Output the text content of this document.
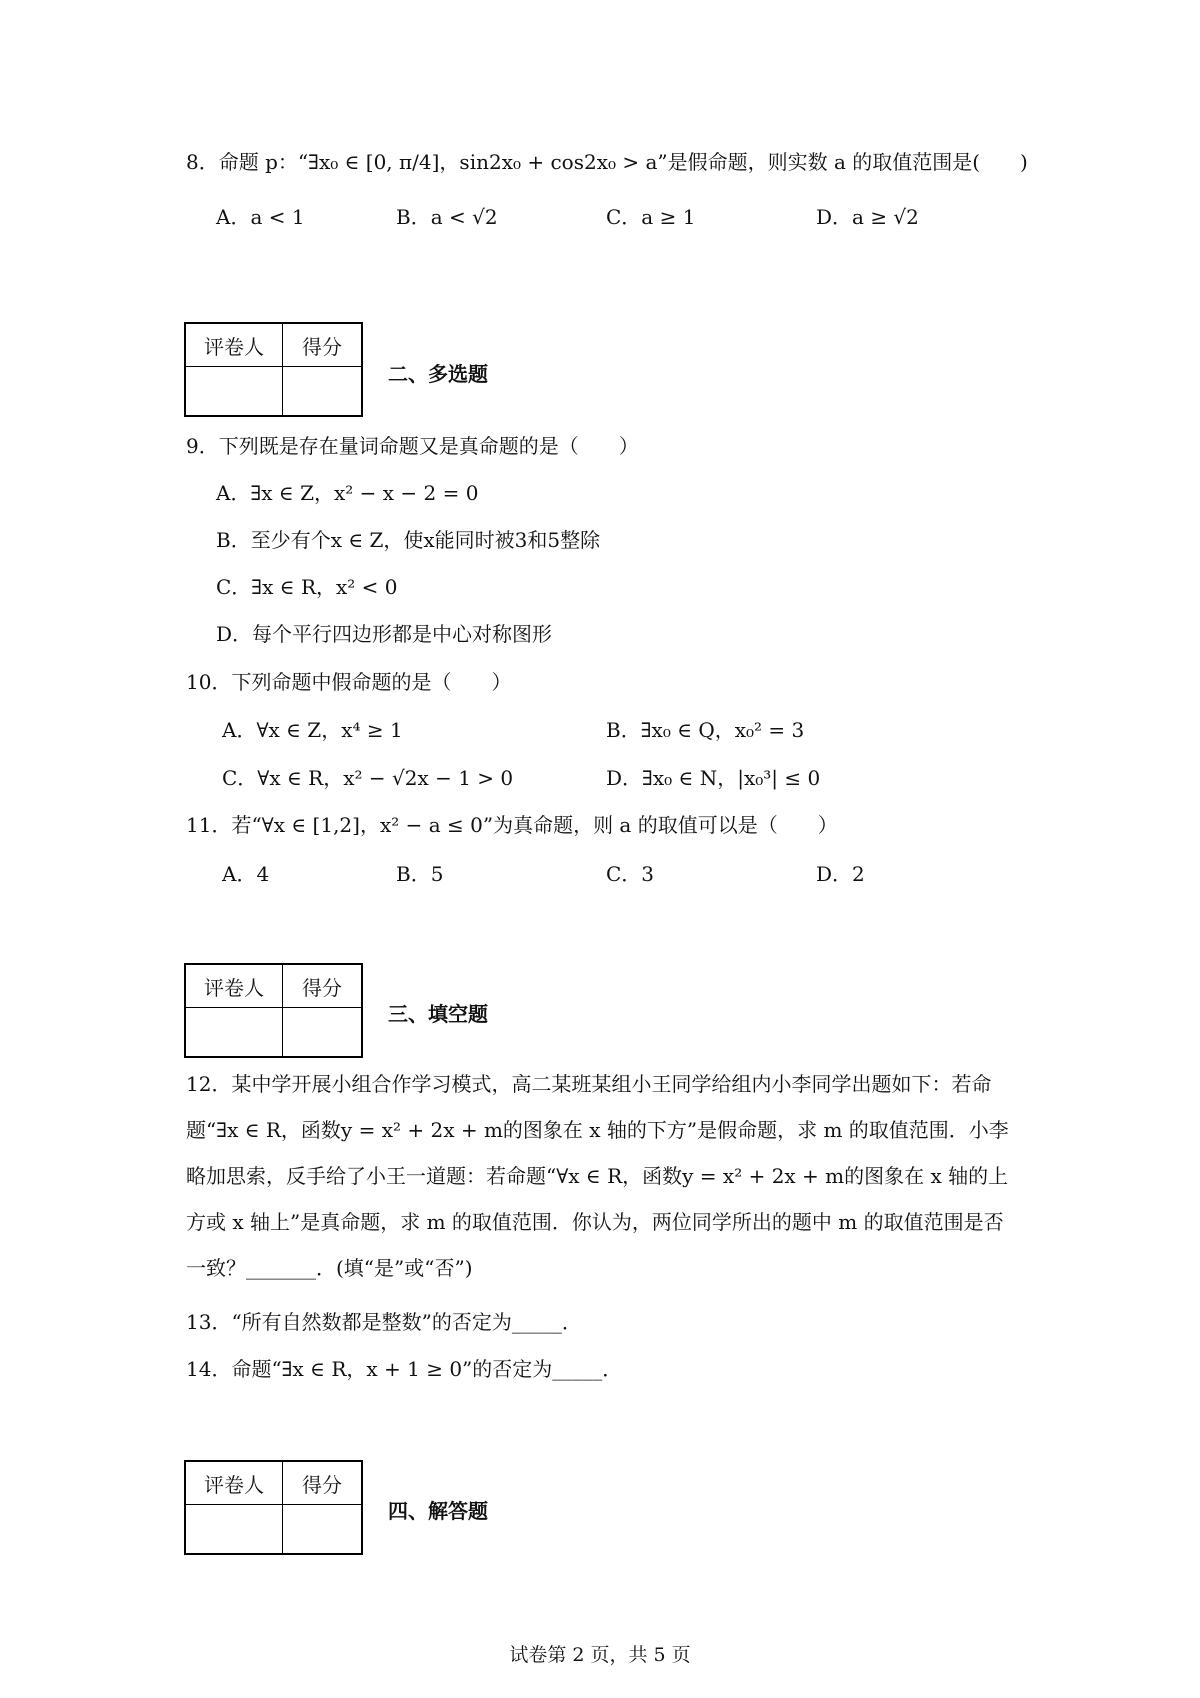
8．命题 p：“∃x₀ ∈ [0, π/4]，sin2x₀ + cos2x₀ > a”是假命题，则实数 a 的取值范围是(　　)
A．a < 1	B．a < √2	C．a ≥ 1	D．a ≥ √2
评卷人	得分

二、多选题
9．下列既是存在量词命题又是真命题的是（　　）
A．∃x ∈ Z，x² − x − 2 = 0
B．至少有个x ∈ Z，使x能同时被3和5整除
C．∃x ∈ R，x² < 0
D．每个平行四边形都是中心对称图形
10．下列命题中假命题的是（　　）
A．∀x ∈ Z，x⁴ ≥ 1	B．∃x₀ ∈ Q，x₀² = 3
C．∀x ∈ R，x² − √2x − 1 > 0	D．∃x₀ ∈ N，|x₀³| ≤ 0
11．若“∀x ∈ [1,2]，x² − a ≤ 0”为真命题，则 a 的取值可以是（　　）
A．4	B．5	C．3	D．2
评卷人	得分

三、填空题
12．某中学开展小组合作学习模式，高二某班某组小王同学给组内小李同学出题如下：若命
题“∃x ∈ R，函数y = x² + 2x + m的图象在 x 轴的下方”是假命题，求 m 的取值范围．小李
略加思索，反手给了小王一道题：若命题“∀x ∈ R，函数y = x² + 2x + m的图象在 x 轴的上
方或 x 轴上”是真命题，求 m 的取值范围．你认为，两位同学所出的题中 m 的取值范围是否
一致？_______．(填“是”或“否”)
13．“所有自然数都是整数”的否定为_____．
14．命题“∃x ∈ R，x + 1 ≥ 0”的否定为_____．
评卷人	得分

四、解答题
试卷第 2 页，共 5 页
